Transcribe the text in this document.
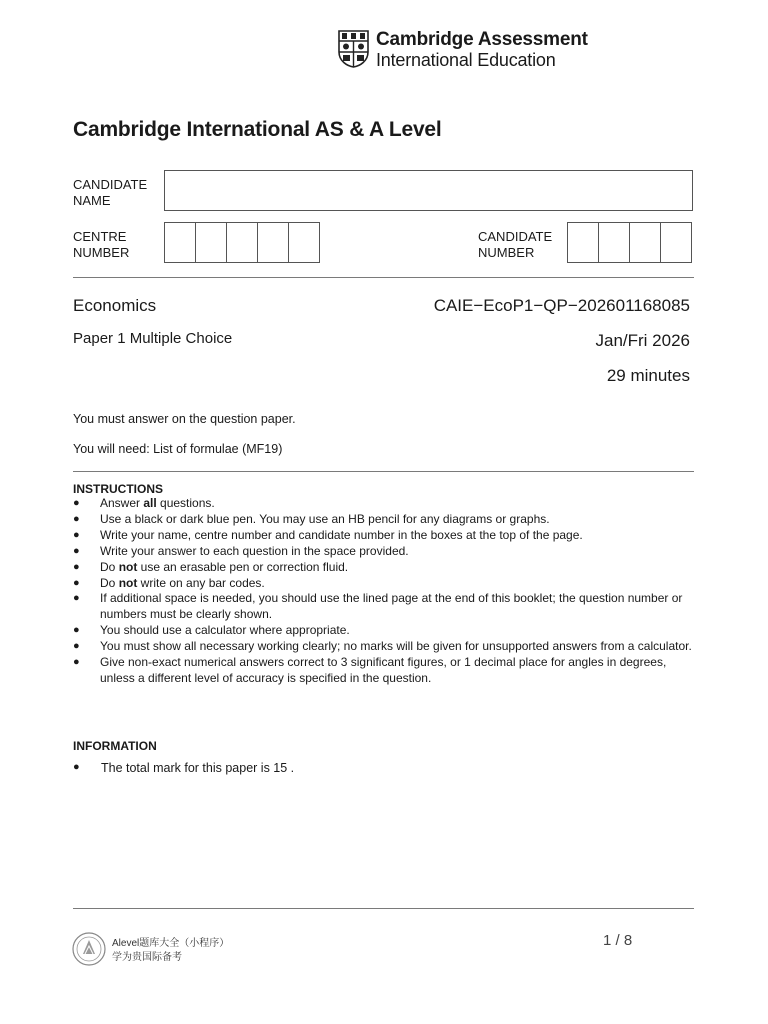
Cambridge Assessment
International Education
Cambridge International AS & A Level
CANDIDATE
NAME
CENTRE
NUMBER
CANDIDATE
NUMBER
Economics	CAIE−EcoP1−QP−202601168085
Paper 1 Multiple Choice	Jan/Fri 2026
29 minutes
You must answer on the question paper.
You will need: List of formulae (MF19)
INSTRUCTIONS
● Answer all questions.
● Use a black or dark blue pen. You may use an HB pencil for any diagrams or graphs.
● Write your name, centre number and candidate number in the boxes at the top of the page.
● Write your answer to each question in the space provided.
● Do not use an erasable pen or correction fluid.
● Do not write on any bar codes.
● If additional space is needed, you should use the lined page at the end of this booklet; the question number or numbers must be clearly shown.
● You should use a calculator where appropriate.
● You must show all necessary working clearly; no marks will be given for unsupported answers from a calculator.
● Give non-exact numerical answers correct to 3 significant figures, or 1 decimal place for angles in degrees, unless a different level of accuracy is specified in the question.
INFORMATION
● The total mark for this paper is 15 .
Alevel题库大全（小程序）
学为贵国际备考
1 / 8
